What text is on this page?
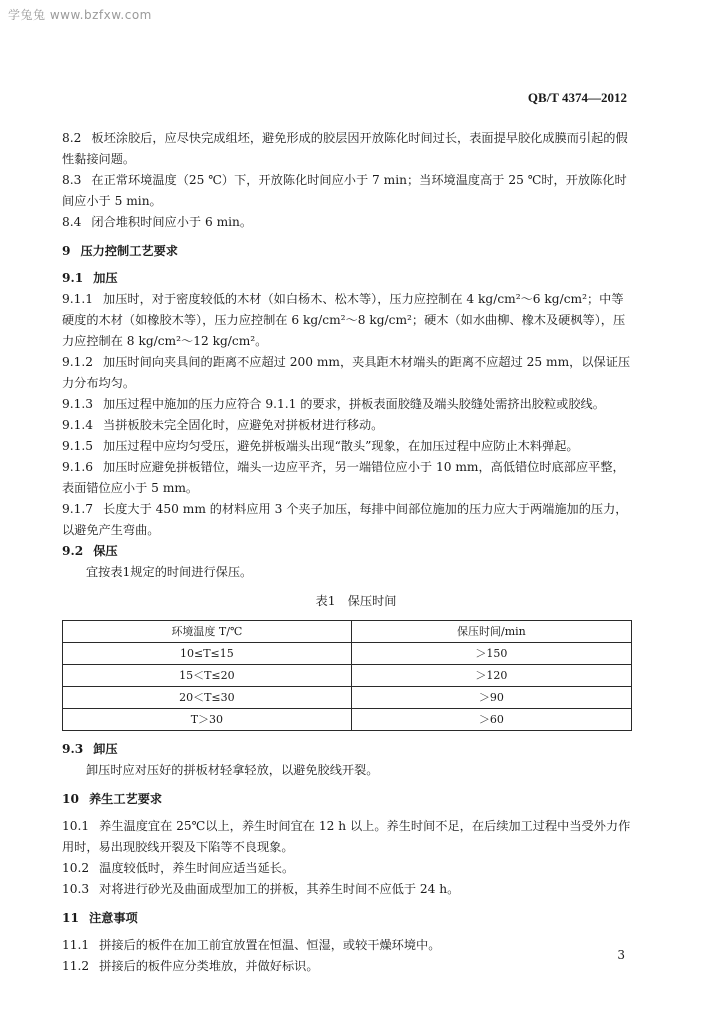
学兔兔 www.bzfxw.com
QB/T 4374—2012

8.2 板坯涂胶后，应尽快完成组坯，避免形成的胶层因开放陈化时间过长，表面提早胶化成膜而引起的假性黏接问题。

8.3 在正常环境温度（25 ℃）下，开放陈化时间应小于 7 min；当环境温度高于 25 ℃时，开放陈化时间应小于 5 min。

8.4 闭合堆积时间应小于 6 min。

9 压力控制工艺要求

9.1 加压

9.1.1 加压时，对于密度较低的木材（如白杨木、松木等），压力应控制在 4 kg/cm²～6 kg/cm²；中等硬度的木材（如橡胶木等），压力应控制在 6 kg/cm²～8 kg/cm²；硬木（如水曲柳、橡木及硬枫等），压力应控制在 8 kg/cm²～12 kg/cm²。

9.1.2 加压时间向夹具间的距离不应超过 200 mm，夹具距木材端头的距离不应超过 25 mm，以保证压力分布均匀。

9.1.3 加压过程中施加的压力应符合 9.1.1 的要求，拼板表面胶缝及端头胶缝处需挤出胶粒或胶线。

9.1.4 当拼板胶未完全固化时，应避免对拼板材进行移动。

9.1.5 加压过程中应均匀受压，避免拼板端头出现“散头”现象，在加压过程中应防止木料弹起。

9.1.6 加压时应避免拼板错位，端头一边应平齐，另一端错位应小于 10 mm，高低错位时底部应平整，表面错位应小于 5 mm。

9.1.7 长度大于 450 mm 的材料应用 3 个夹子加压，每排中间部位施加的压力应大于两端施加的压力，以避免产生弯曲。

9.2 保压

宜按表1规定的时间进行保压。

表1　保压时间
环境温度 T/℃	保压时间/min
10≤T≤15	＞150
15＜T≤20	＞120
20＜T≤30	＞90
T＞30	＞60

9.3 卸压

卸压时应对压好的拼板材轻拿轻放，以避免胶线开裂。

10 养生工艺要求

10.1 养生温度宜在 25℃以上，养生时间宜在 12 h 以上。养生时间不足，在后续加工过程中当受外力作用时，易出现胶线开裂及下陷等不良现象。

10.2 温度较低时，养生时间应适当延长。

10.3 对将进行砂光及曲面成型加工的拼板，其养生时间不应低于 24 h。

11 注意事项

11.1 拼接后的板件在加工前宜放置在恒温、恒湿，或较干燥环境中。

11.2 拼接后的板件应分类堆放，并做好标识。

3
